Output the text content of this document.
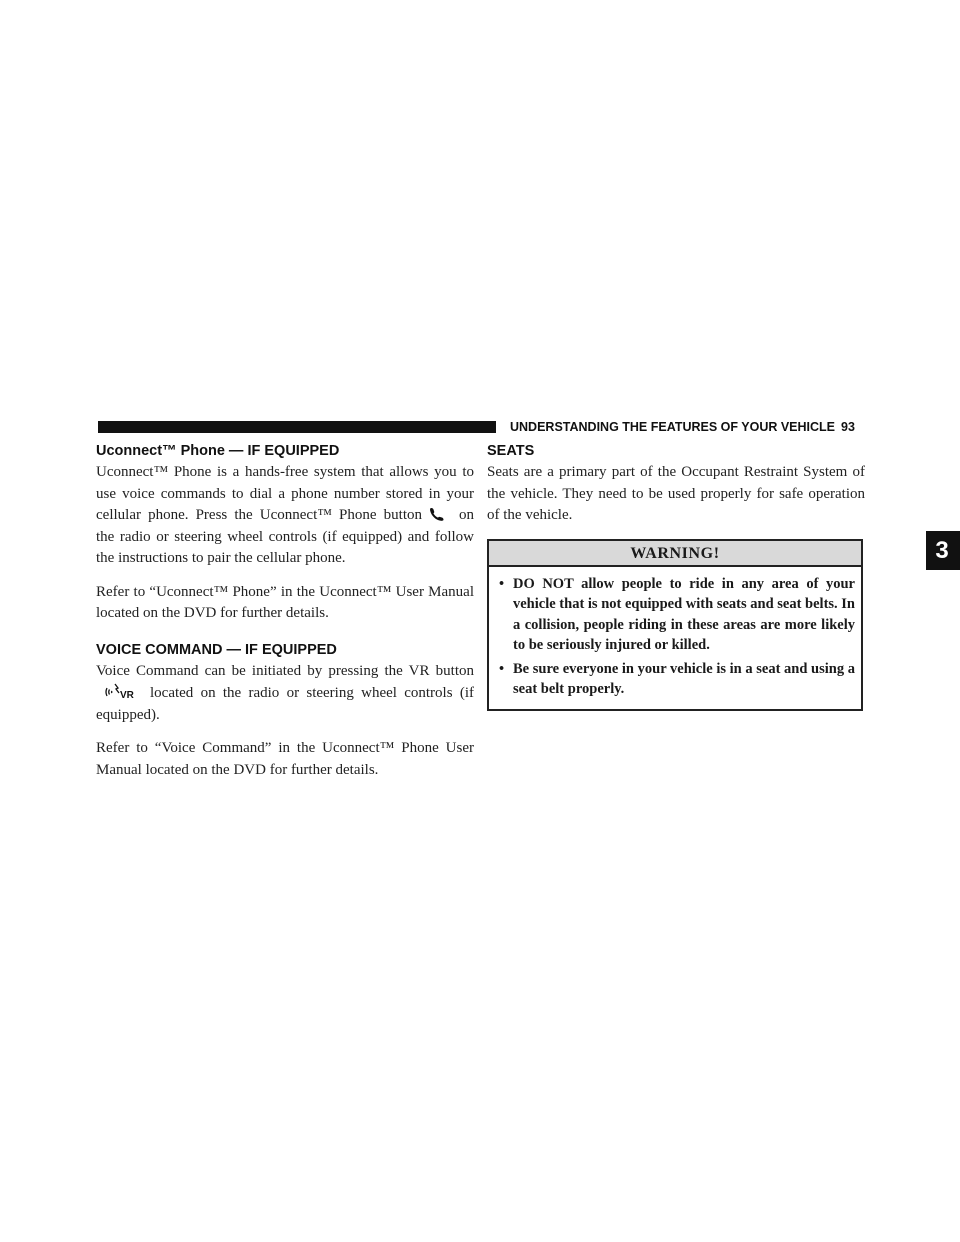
UNDERSTANDING THE FEATURES OF YOUR VEHICLE 93
3
Uconnect™ Phone — IF EQUIPPED

Uconnect™ Phone is a hands-free system that allows you to use voice commands to dial a phone number stored in your cellular phone. Press the Uconnect™ Phone button on the radio or steering wheel controls (if equipped) and follow the instructions to pair the cellular phone.

Refer to “Uconnect™ Phone” in the Uconnect™ User Manual located on the DVD for further details.

VOICE COMMAND — IF EQUIPPED

Voice Command can be initiated by pressing the VR button
VR located on the radio or steering wheel controls (if equipped).

Refer to “Voice Command” in the Uconnect™ Phone User Manual located on the DVD for further details.

SEATS

Seats are a primary part of the Occupant Restraint System of the vehicle. They need to be used properly for safe operation of the vehicle.

WARNING!
• DO NOT allow people to ride in any area of your vehicle that is not equipped with seats and seat belts. In a collision, people riding in these areas are more likely to be seriously injured or killed.
• Be sure everyone in your vehicle is in a seat and using a seat belt properly.
